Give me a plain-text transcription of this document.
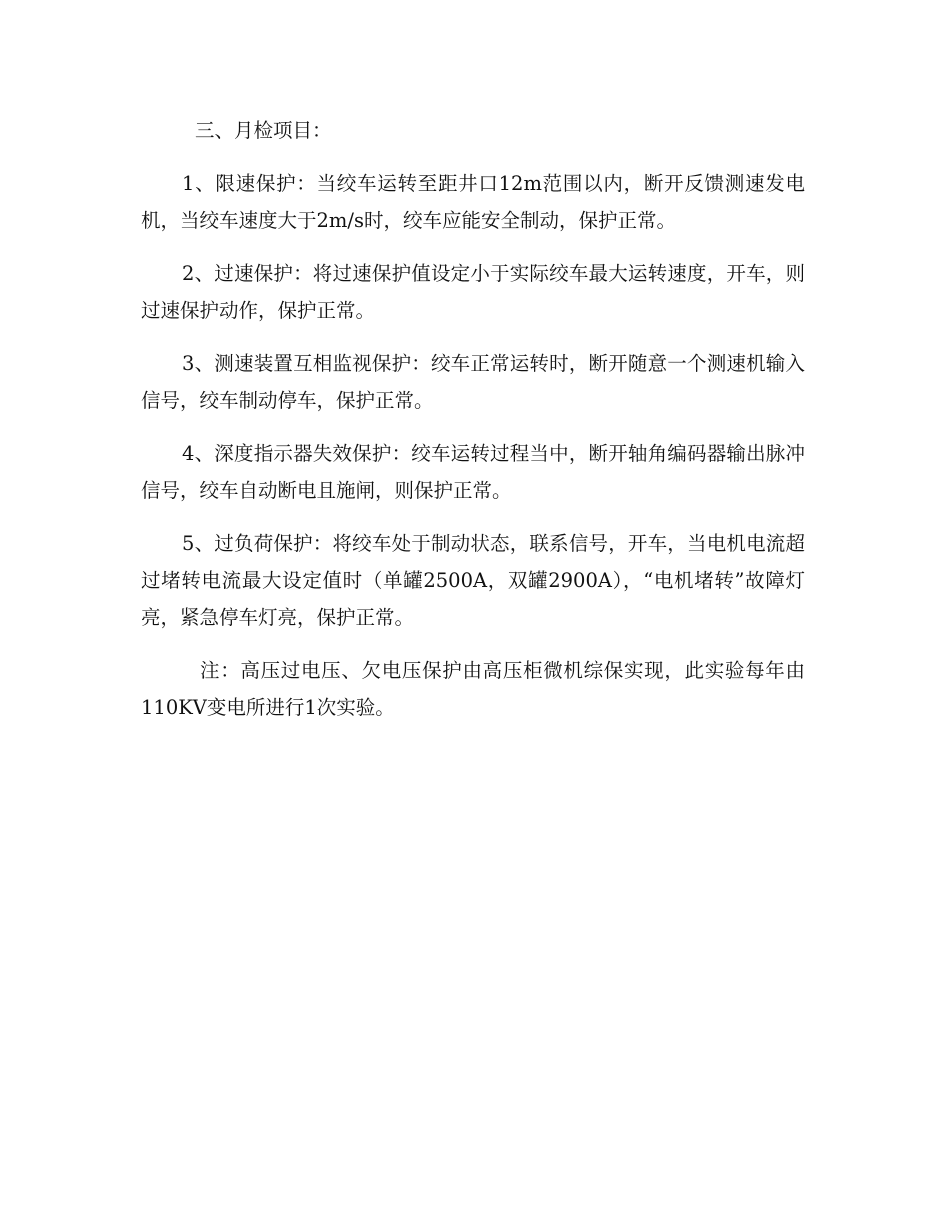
三、月检项目：

1、限速保护：当绞车运转至距井口12m范围以内，断开反馈测速发电机，当绞车速度大于2m/s时，绞车应能安全制动，保护正常。

2、过速保护：将过速保护值设定小于实际绞车最大运转速度，开车，则过速保护动作，保护正常。

3、测速装置互相监视保护：绞车正常运转时，断开随意一个测速机输入信号，绞车制动停车，保护正常。

4、深度指示器失效保护：绞车运转过程当中，断开轴角编码器输出脉冲信号，绞车自动断电且施闸，则保护正常。

5、过负荷保护：将绞车处于制动状态，联系信号，开车，当电机电流超过堵转电流最大设定值时（单罐2500A，双罐2900A），“电机堵转”故障灯亮，紧急停车灯亮，保护正常。

注：高压过电压、欠电压保护由高压柜微机综保实现，此实验每年由110KV变电所进行1次实验。
